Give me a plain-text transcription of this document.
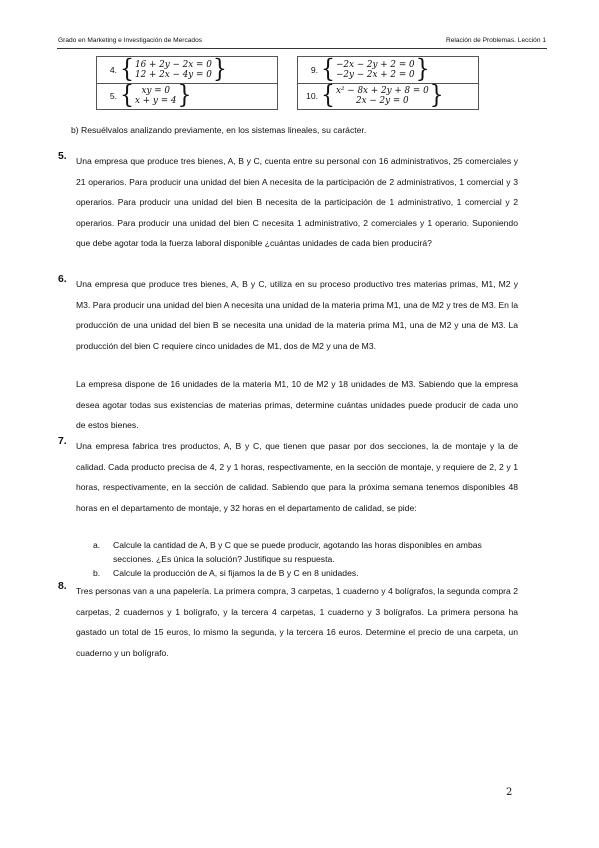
Grado en Marketing e Investigación de Mercados	Relación de Problemas. Lección 1
4. { 16 + 2y − 2x = 0
12 + 2x − 4y = 0 }
5. { xy = 0
x + y = 4 }
9. { −2x − 2y + 2 = 0
−2y − 2x + 2 = 0 }
10. { x² − 8x + 2y + 8 = 0
2x − 2y = 0 }
b) Resuélvalos analizando previamente, en los sistemas lineales, su carácter.
5. Una empresa que produce tres bienes, A, B y C, cuenta entre su personal con 16 administrativos, 25 comerciales y 21 operarios. Para producir una unidad del bien A necesita de la participación de 2 administrativos, 1 comercial y 3 operarios. Para producir una unidad del bien B necesita de la participación de 1 administrativo, 1 comercial y 2 operarios. Para producir una unidad del bien C necesita 1 administrativo, 2 comerciales y 1 operario. Suponiendo que debe agotar toda la fuerza laboral disponible ¿cuántas unidades de cada bien producirá?
6. Una empresa que produce tres bienes, A, B y C, utiliza en su proceso productivo tres materias primas, M1, M2 y M3. Para producir una unidad del bien A necesita una unidad de la materia prima M1, una de M2 y tres de M3. En la producción de una unidad del bien B se necesita una unidad de la materia prima M1, una de M2 y una de M3. La producción del bien C requiere cinco unidades de M1, dos de M2 y una de M3.
La empresa dispone de 16 unidades de la materia M1, 10 de M2 y 18 unidades de M3. Sabiendo que la empresa desea agotar todas sus existencias de materias primas, determine cuántas unidades puede producir de cada uno de estos bienes.
7. Una empresa fabrica tres productos, A, B y C, que tienen que pasar por dos secciones, la de montaje y la de calidad. Cada producto precisa de 4, 2 y 1 horas, respectivamente, en la sección de montaje, y requiere de 2, 2 y 1 horas, respectivamente, en la sección de calidad. Sabiendo que para la próxima semana tenemos disponibles 48 horas en el departamento de montaje, y 32 horas en el departamento de calidad, se pide:
a. Calcule la cantidad de A, B y C que se puede producir, agotando las horas disponibles en ambas secciones. ¿Es única la solución? Justifique su respuesta.
b. Calcule la producción de A, si fijamos la de B y C en 8 unidades.
8. Tres personas van a una papelería. La primera compra, 3 carpetas, 1 cuaderno y 4 bolígrafos, la segunda compra 2 carpetas, 2 cuadernos y 1 bolígrafo, y la tercera 4 carpetas, 1 cuaderno y 3 bolígrafos. La primera persona ha gastado un total de 15 euros, lo mismo la segunda, y la tercera 16 euros. Determine el precio de una carpeta, un cuaderno y un bolígrafo.
2
